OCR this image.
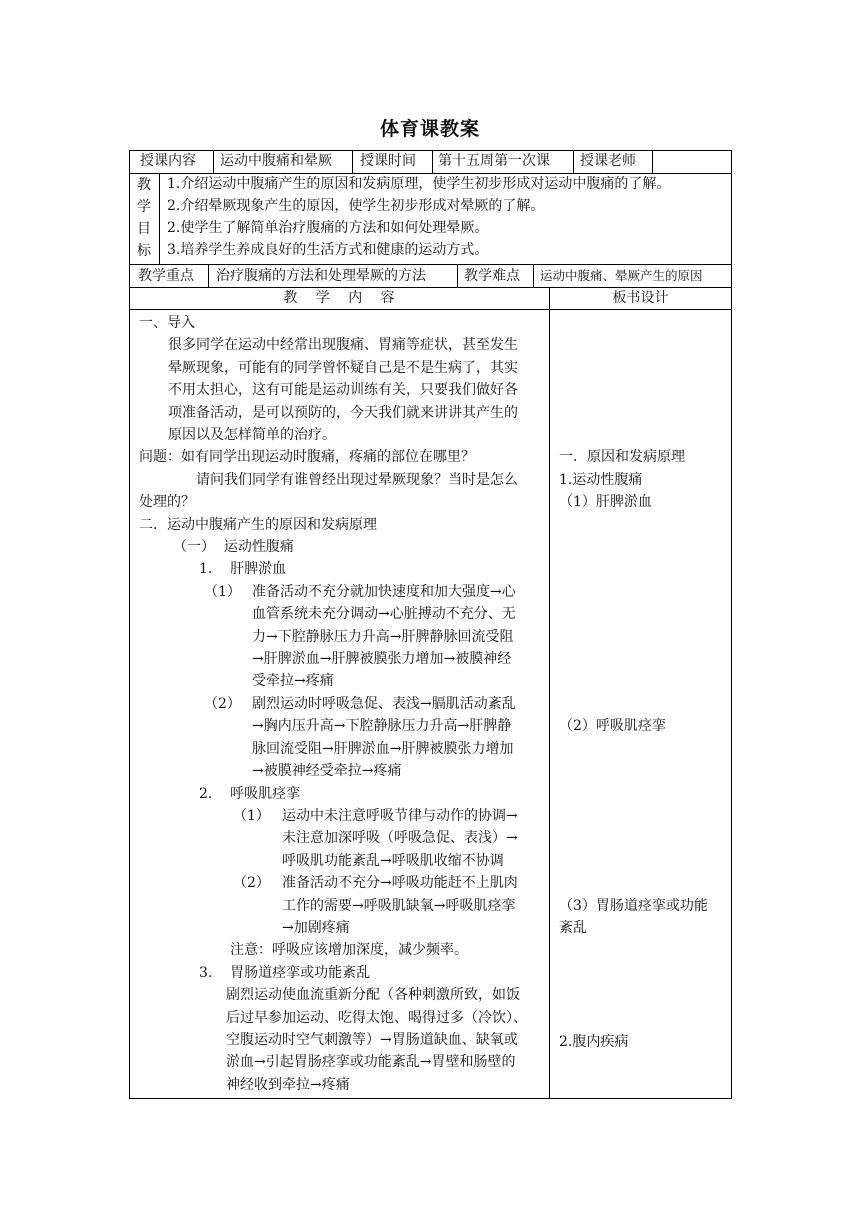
体育课教案
授课内容 运动中腹痛和晕厥 授课时间 第十五周第一次课 授课老师
教
学
目
标
1.介绍运动中腹痛产生的原因和发病原理，使学生初步形成对运动中腹痛的了解。
2.介绍晕厥现象产生的原因，使学生初步形成对晕厥的了解。
2.使学生了解简单治疗腹痛的方法和如何处理晕厥。
3.培养学生养成良好的生活方式和健康的运动方式。
教学重点 治疗腹痛的方法和处理晕厥的方法	教学难点 运动中腹痛、晕厥产生的原因
教 学 内 容	板书设计
一、导入
很多同学在运动中经常出现腹痛、胃痛等症状，甚至发生
晕厥现象，可能有的同学曾怀疑自己是不是生病了，其实
不用太担心，这有可能是运动训练有关，只要我们做好各
项准备活动，是可以预防的，今天我们就来讲讲其产生的
原因以及怎样简单的治疗。
问题：如有同学出现运动时腹痛，疼痛的部位在哪里？
请问我们同学有谁曾经出现过晕厥现象？当时是怎么
处理的？
二．运动中腹痛产生的原因和发病原理
（一）  运动性腹痛
1.    肝脾淤血
（1） 准备活动不充分就加快速度和加大强度→心
血管系统未充分调动→心脏搏动不充分、无
力→下腔静脉压力升高→肝脾静脉回流受阻
→肝脾淤血→肝脾被膜张力增加→被膜神经
受牵拉→疼痛
（2） 剧烈运动时呼吸急促、表浅→膈肌活动紊乱
→胸内压升高→下腔静脉压力升高→肝脾静
脉回流受阻→肝脾淤血→肝脾被膜张力增加
→被膜神经受牵拉→疼痛
2.    呼吸肌痉挛
（1） 运动中未注意呼吸节律与动作的协调→
未注意加深呼吸（呼吸急促、表浅）→
呼吸肌功能紊乱→呼吸肌收缩不协调
（2） 准备活动不充分→呼吸功能赶不上肌肉
工作的需要→呼吸肌缺氧→呼吸肌痉挛
→加剧疼痛
注意：呼吸应该增加深度，减少频率。
3.    胃肠道痉挛或功能紊乱
剧烈运动使血流重新分配（各种刺激所致，如饭
后过早参加运动、吃得太饱、喝得过多（冷饮）、
空腹运动时空气刺激等）→胃肠道缺血、缺氧或
淤血→引起胃肠痉挛或功能紊乱→胃壁和肠壁的
神经收到牵拉→疼痛
一．原因和发病原理
1.运动性腹痛
（1）肝脾淤血
（2）呼吸肌痉挛
（3）胃肠道痉挛或功能
紊乱
2.腹内疾病
